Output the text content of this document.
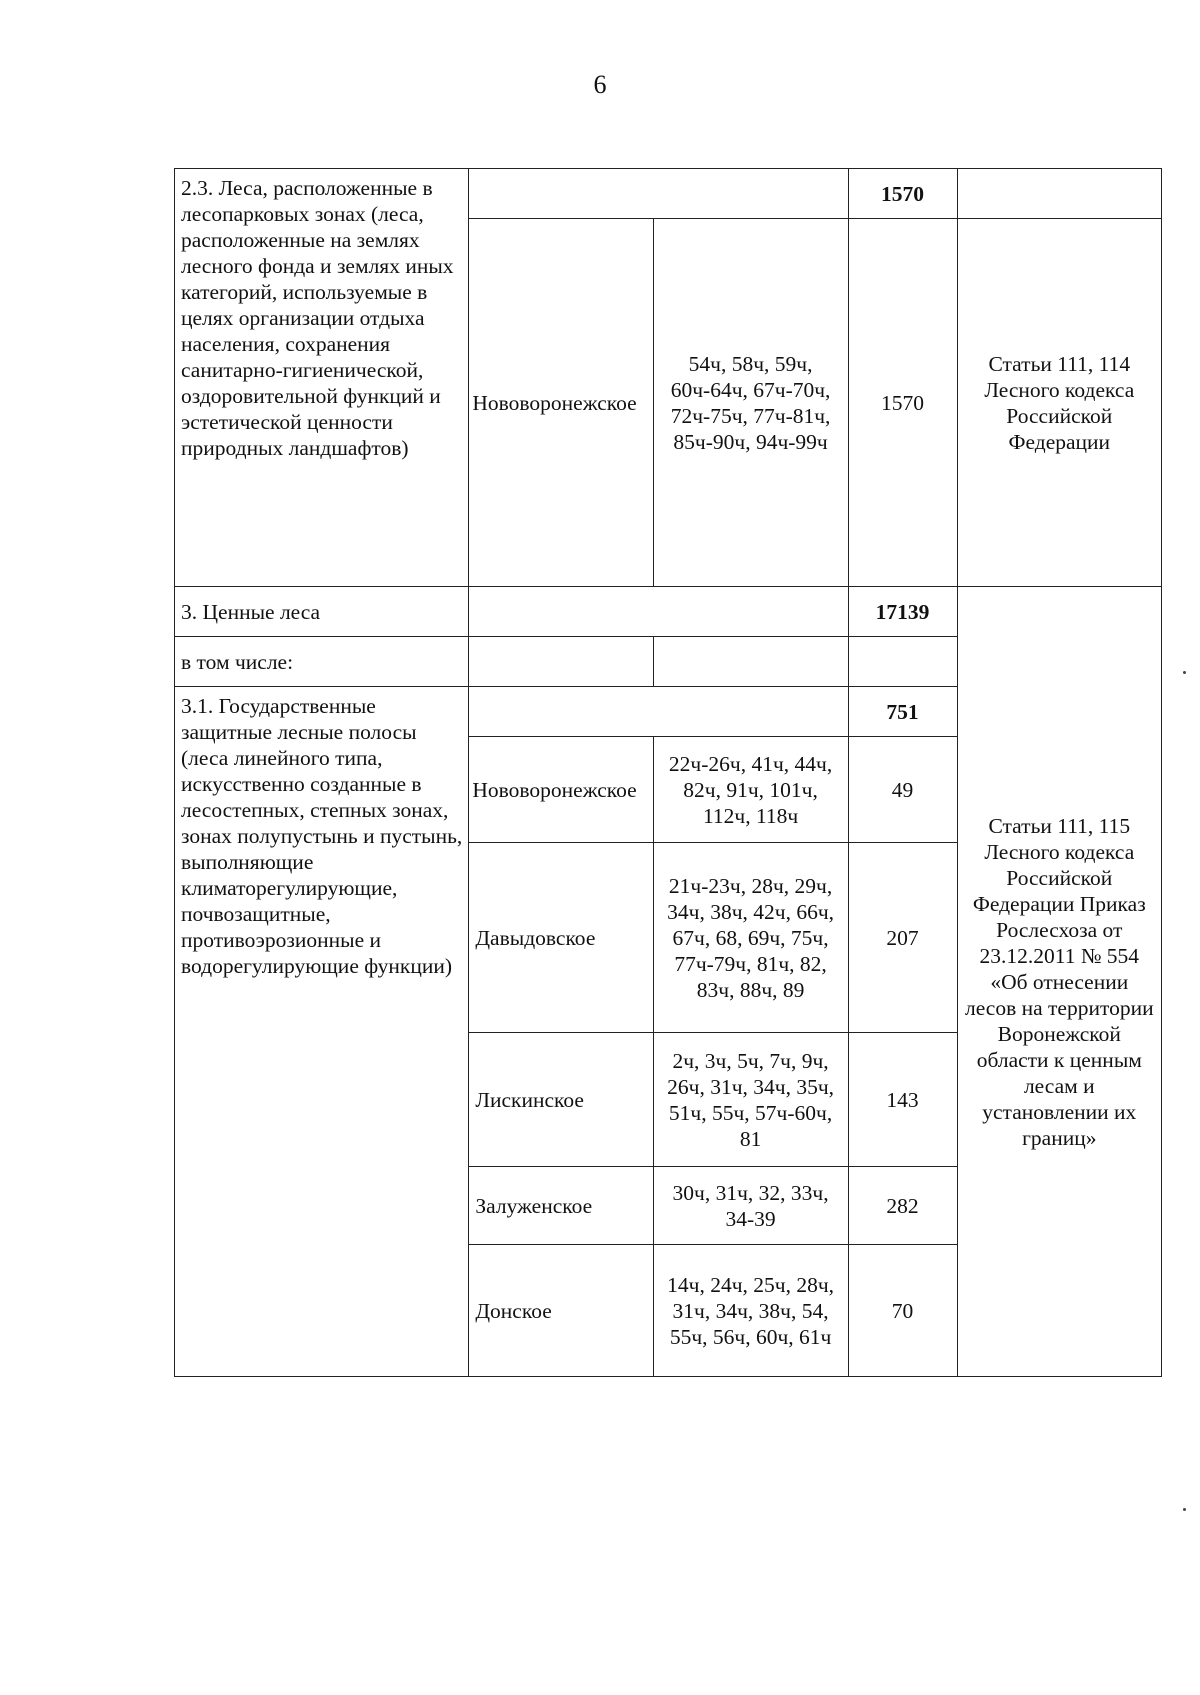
6
2.3. Леса, расположенные в лесопарковых зонах (леса, расположенные на землях лесного фонда и землях иных категорий, используемые в целях организации отдыха населения, сохранения санитарно-гигиенической, оздоровительной функций и эстетической ценности природных ландшафтов)			1570	
	Нововоронежское	54ч, 58ч, 59ч, 60ч-64ч, 67ч-70ч, 72ч-75ч, 77ч-81ч, 85ч-90ч, 94ч-99ч	1570	Статьи 111, 114 Лесного кодекса Российской Федерации
3. Ценные леса			17139	Статьи 111, 115 Лесного кодекса Российской Федерации Приказ Рослесхоза от 23.12.2011 № 554 «Об отнесении лесов на территории Воронежской области к ценным лесам и установлении их границ»
в том числе:				
3.1. Государственные защитные лесные полосы (леса линейного типа, искусственно созданные в лесостепных, степных зонах, зонах полупустынь и пустынь, выполняющие климаторегулирующие, почвозащитные, противоэрозионные и водорегулирующие функции)			751	
	Нововоронежское	22ч-26ч, 41ч, 44ч, 82ч, 91ч, 101ч, 112ч, 118ч	49	
	Давыдовское	21ч-23ч, 28ч, 29ч, 34ч, 38ч, 42ч, 66ч, 67ч, 68, 69ч, 75ч, 77ч-79ч, 81ч, 82, 83ч, 88ч, 89	207	
	Лискинское	2ч, 3ч, 5ч, 7ч, 9ч, 26ч, 31ч, 34ч, 35ч, 51ч, 55ч, 57ч-60ч, 81	143	
	Залуженское	30ч, 31ч, 32, 33ч, 34-39	282	
	Донское	14ч, 24ч, 25ч, 28ч, 31ч, 34ч, 38ч, 54, 55ч, 56ч, 60ч, 61ч	70	
